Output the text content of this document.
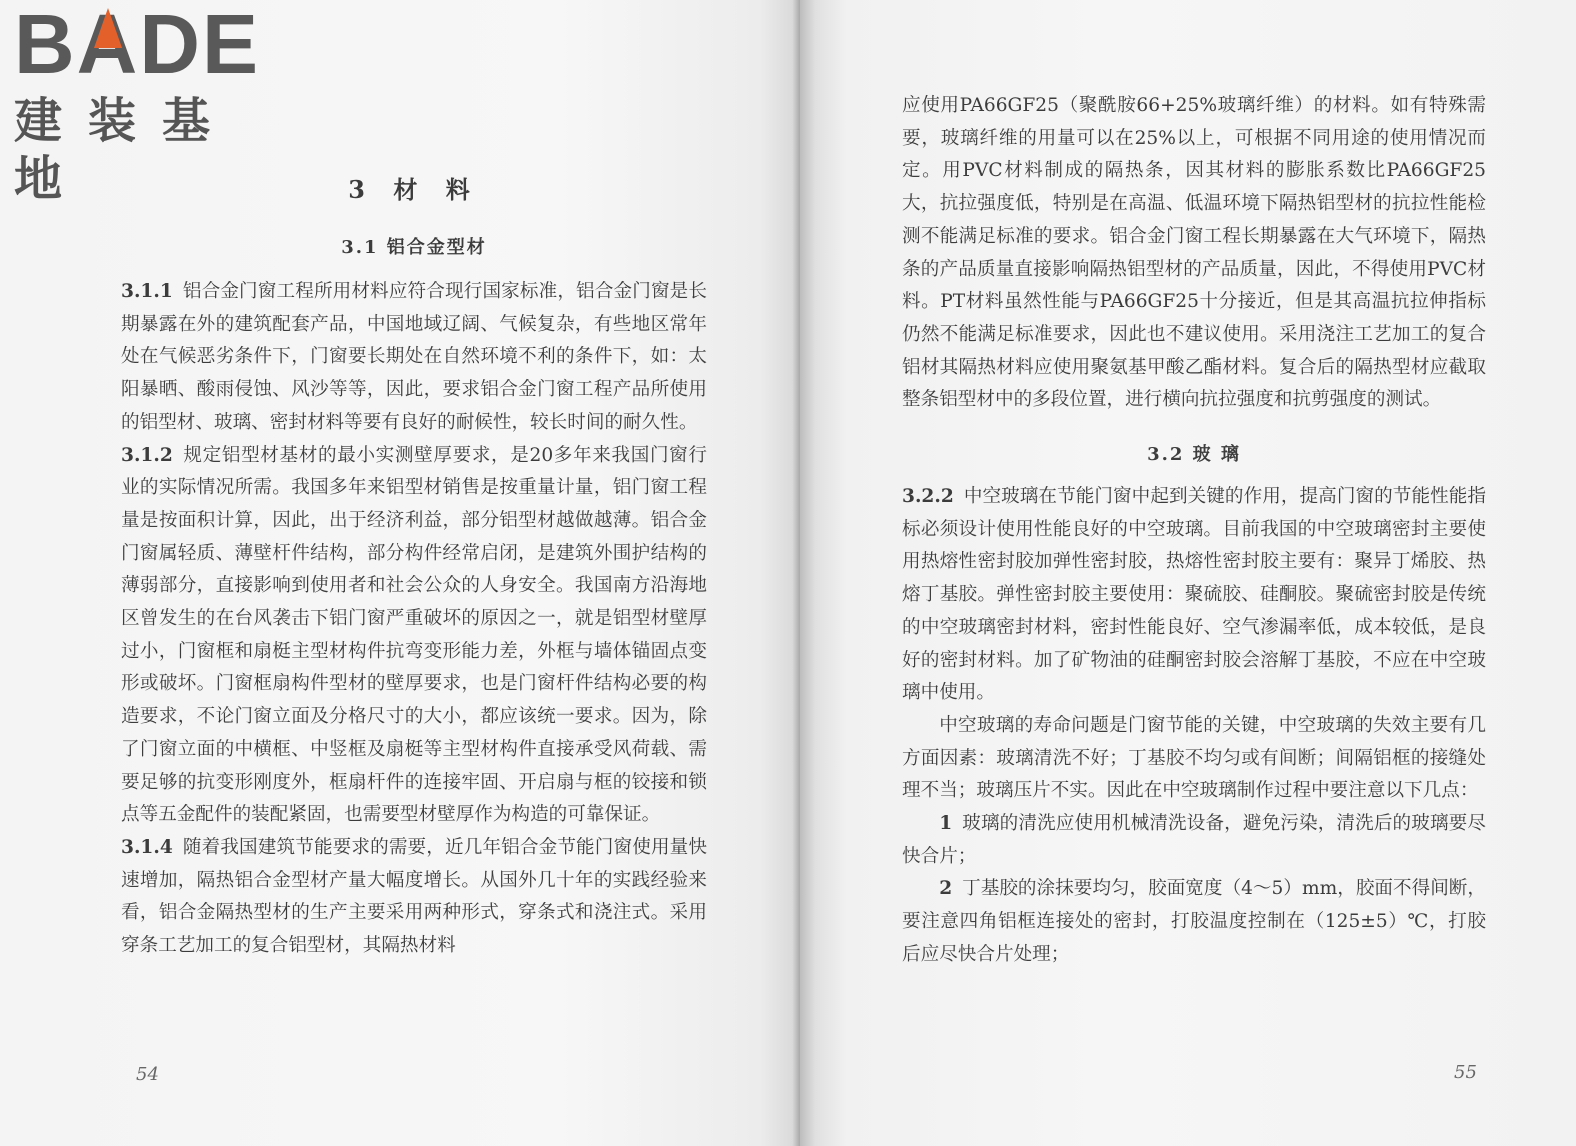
B A D E
建装基地	3 材 料
3.1 铝合金型材

3.1.1 铝合金门窗工程所用材料应符合现行国家标准，铝合金门窗是长期暴露在外的建筑配套产品，中国地域辽阔、气候复杂，有些地区常年处在气候恶劣条件下，门窗要长期处在自然环境不利的条件下，如：太阳暴晒、酸雨侵蚀、风沙等等，因此，要求铝合金门窗工程产品所使用的铝型材、玻璃、密封材料等要有良好的耐候性，较长时间的耐久性。

3.1.2 规定铝型材基材的最小实测壁厚要求，是20多年来我国门窗行业的实际情况所需。我国多年来铝型材销售是按重量计量，铝门窗工程量是按面积计算，因此，出于经济利益，部分铝型材越做越薄。铝合金门窗属轻质、薄壁杆件结构，部分构件经常启闭，是建筑外围护结构的薄弱部分，直接影响到使用者和社会公众的人身安全。我国南方沿海地区曾发生的在台风袭击下铝门窗严重破坏的原因之一，就是铝型材壁厚过小，门窗框和扇梃主型材构件抗弯变形能力差，外框与墙体锚固点变形或破坏。门窗框扇构件型材的壁厚要求，也是门窗杆件结构必要的构造要求，不论门窗立面及分格尺寸的大小，都应该统一要求。因为，除了门窗立面的中横框、中竖框及扇梃等主型材构件直接承受风荷载、需要足够的抗变形刚度外，框扇杆件的连接牢固、开启扇与框的铰接和锁点等五金配件的装配紧固，也需要型材壁厚作为构造的可靠保证。

3.1.4 随着我国建筑节能要求的需要，近几年铝合金节能门窗使用量快速增加，隔热铝合金型材产量大幅度增长。从国外几十年的实践经验来看，铝合金隔热型材的生产主要采用两种形式，穿条式和浇注式。采用穿条工艺加工的复合铝型材，其隔热材料

54

应使用PA66GF25（聚酰胺66+25%玻璃纤维）的材料。如有特殊需要，玻璃纤维的用量可以在25%以上，可根据不同用途的使用情况而定。用PVC材料制成的隔热条，因其材料的膨胀系数比PA66GF25大，抗拉强度低，特别是在高温、低温环境下隔热铝型材的抗拉性能检测不能满足标准的要求。铝合金门窗工程长期暴露在大气环境下，隔热条的产品质量直接影响隔热铝型材的产品质量，因此，不得使用PVC材料。PT材料虽然性能与PA66GF25十分接近，但是其高温抗拉伸指标仍然不能满足标准要求，因此也不建议使用。采用浇注工艺加工的复合铝材其隔热材料应使用聚氨基甲酸乙酯材料。复合后的隔热型材应截取整条铝型材中的多段位置，进行横向抗拉强度和抗剪强度的测试。

3.2 玻 璃

3.2.2 中空玻璃在节能门窗中起到关键的作用，提高门窗的节能性能指标必须设计使用性能良好的中空玻璃。目前我国的中空玻璃密封主要使用热熔性密封胶加弹性密封胶，热熔性密封胶主要有：聚异丁烯胶、热熔丁基胶。弹性密封胶主要使用：聚硫胶、硅酮胶。聚硫密封胶是传统的中空玻璃密封材料，密封性能良好、空气渗漏率低，成本较低，是良好的密封材料。加了矿物油的硅酮密封胶会溶解丁基胶，不应在中空玻璃中使用。

中空玻璃的寿命问题是门窗节能的关键，中空玻璃的失效主要有几方面因素：玻璃清洗不好；丁基胶不均匀或有间断；间隔铝框的接缝处理不当；玻璃压片不实。因此在中空玻璃制作过程中要注意以下几点：

1 玻璃的清洗应使用机械清洗设备，避免污染，清洗后的玻璃要尽快合片；

2 丁基胶的涂抹要均匀，胶面宽度（4～5）mm，胶面不得间断，要注意四角铝框连接处的密封，打胶温度控制在（125±5）℃，打胶后应尽快合片处理；

55
